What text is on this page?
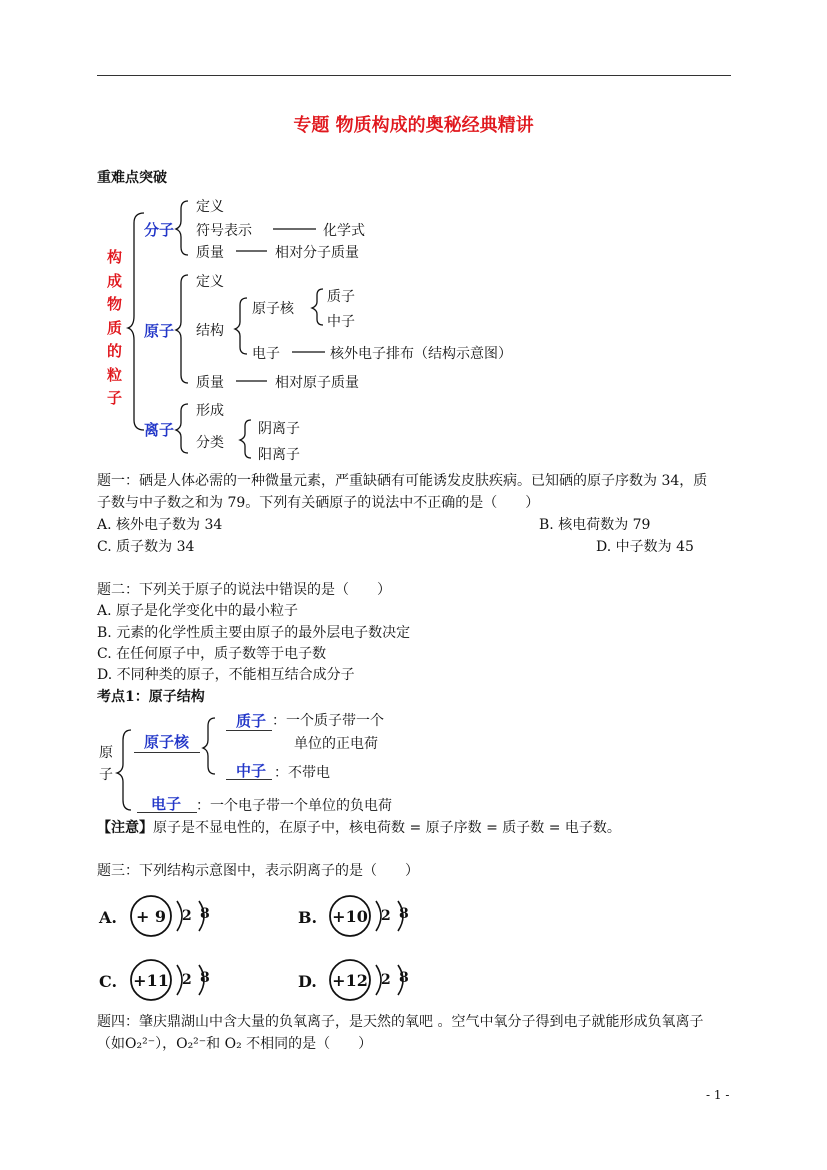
专题 物质构成的奥秘经典精讲
重难点突破
构
成
物
质
的
粒
子
分子
定义
符号表示	化学式
质量	相对分子质量
原子
定义
结构
原子核
质子
中子
电子	核外电子排布（结构示意图）
质量	相对原子质量
离子
形成
分类
阴离子
阳离子
题一：硒是人体必需的一种微量元素，严重缺硒有可能诱发皮肤疾病。已知硒的原子序数为 34，质
子数与中子数之和为 79。下列有关硒原子的说法中不正确的是（　　）
A. 核外电子数为 34	B. 核电荷数为 79
C. 质子数为 34	D. 中子数为 45
题二：下列关于原子的说法中错误的是（　　）
A. 原子是化学变化中的最小粒子
B. 元素的化学性质主要由原子的最外层电子数决定
C. 在任何原子中，质子数等于电子数
D. 不同种类的原子，不能相互结合成分子
考点1：原子结构
原
子
原子核
质子 ：一个质子带一个
单位的正电荷
中子 ：不带电
电子 ：一个电子带一个单位的负电荷
【注意】原子是不显电性的，在原子中，核电荷数 = 原子序数 = 质子数 = 电子数。
题三：下列结构示意图中，表示阴离子的是（　　）
A. + 9 2 8	B. +10 2 8
C. +11 2 8	D. +12 2 8
题四：肇庆鼎湖山中含大量的负氧离子，是天然的氧吧 。空气中氧分子得到电子就能形成负氧离子
（如O₂²⁻），O₂²⁻和 O₂ 不相同的是（　　）
- 1 -
